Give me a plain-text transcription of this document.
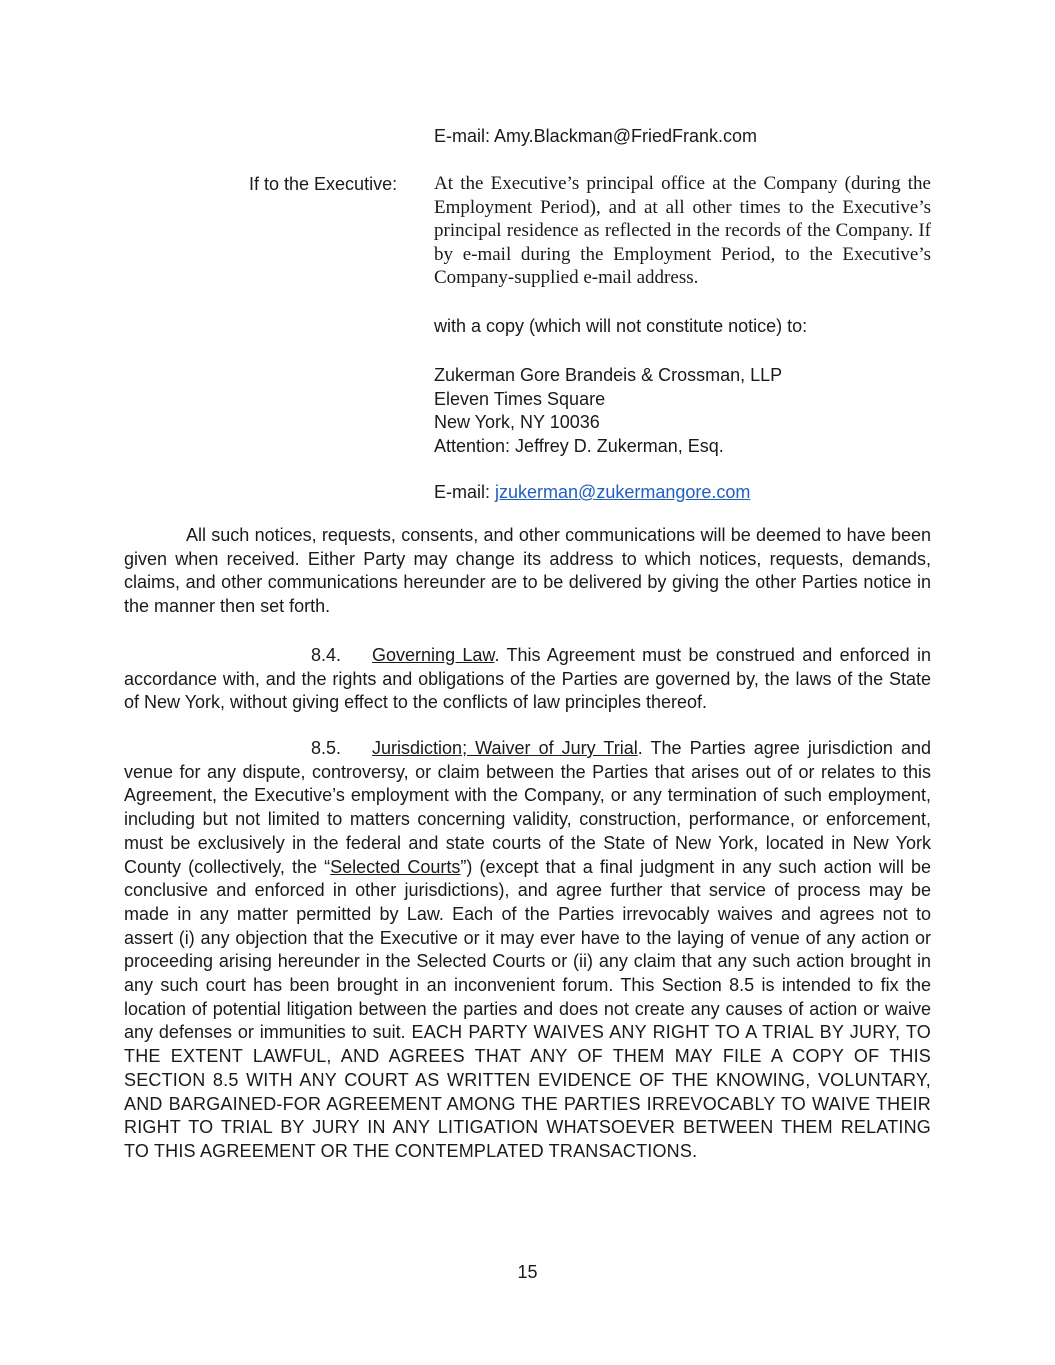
E-mail: Amy.Blackman@FriedFrank.com
If to the Executive: At the Executive’s principal office at the Company (during the Employment Period), and at all other times to the Executive’s principal residence as reflected in the records of the Company. If by e-mail during the Employment Period, to the Executive’s Company-supplied e-mail address.
with a copy (which will not constitute notice) to:
Zukerman Gore Brandeis & Crossman, LLP
Eleven Times Square
New York, NY 10036
Attention: Jeffrey D. Zukerman, Esq.
E-mail: jzukerman@zukermangore.com
All such notices, requests, consents, and other communications will be deemed to have been given when received. Either Party may change its address to which notices, requests, demands, claims, and other communications hereunder are to be delivered by giving the other Parties notice in the manner then set forth.
8.4. Governing Law. This Agreement must be construed and enforced in accordance with, and the rights and obligations of the Parties are governed by, the laws of the State of New York, without giving effect to the conflicts of law principles thereof.
8.5. Jurisdiction; Waiver of Jury Trial. The Parties agree jurisdiction and venue for any dispute, controversy, or claim between the Parties that arises out of or relates to this Agreement, the Executive’s employment with the Company, or any termination of such employment, including but not limited to matters concerning validity, construction, performance, or enforcement, must be exclusively in the federal and state courts of the State of New York, located in New York County (collectively, the “Selected Courts”) (except that a final judgment in any such action will be conclusive and enforced in other jurisdictions), and agree further that service of process may be made in any matter permitted by Law. Each of the Parties irrevocably waives and agrees not to assert (i) any objection that the Executive or it may ever have to the laying of venue of any action or proceeding arising hereunder in the Selected Courts or (ii) any claim that any such action brought in any such court has been brought in an inconvenient forum. This Section 8.5 is intended to fix the location of potential litigation between the parties and does not create any causes of action or waive any defenses or immunities to suit. EACH PARTY WAIVES ANY RIGHT TO A TRIAL BY JURY, TO THE EXTENT LAWFUL, AND AGREES THAT ANY OF THEM MAY FILE A COPY OF THIS SECTION 8.5 WITH ANY COURT AS WRITTEN EVIDENCE OF THE KNOWING, VOLUNTARY, AND BARGAINED-FOR AGREEMENT AMONG THE PARTIES IRREVOCABLY TO WAIVE THEIR RIGHT TO TRIAL BY JURY IN ANY LITIGATION WHATSOEVER BETWEEN THEM RELATING TO THIS AGREEMENT OR THE CONTEMPLATED TRANSACTIONS.
15
